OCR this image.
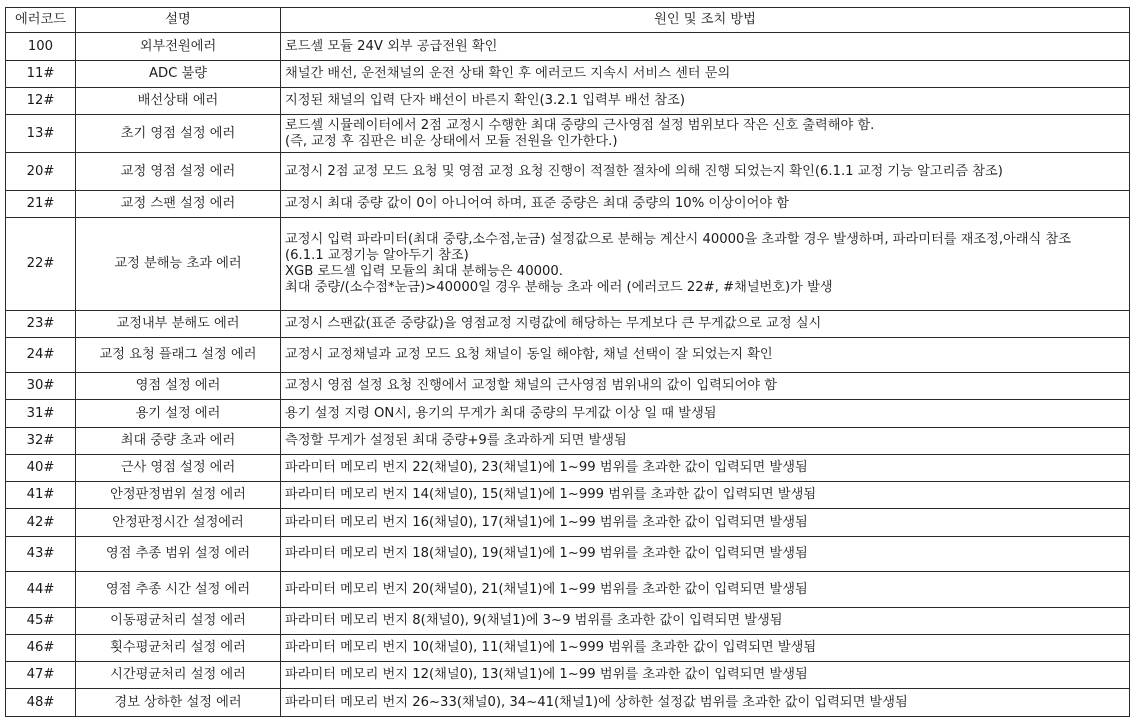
에러코드	설명	원인 및 조치 방법
100	외부전원에러	로드셀 모듈 24V 외부 공급전원 확인

11#	ADC 불량	채널간 배선, 운전채널의 운전 상태 확인 후 에러코드 지속시 서비스 센터 문의

12#	배선상태 에러	지정된 채널의 입력 단자 배선이 바른지 확인(3.2.1 입력부 배선 참조)

13#	초기 영점 설정 에러	로드셀 시뮬레이터에서 2점 교정시 수행한 최대 중량의 근사영점 설정 범위보다 작은 신호 출력해야 함.
(즉, 교정 후 짐판은 비운 상태에서 모듈 전원을 인가한다.)

20#	교정 영점 설정 에러	교정시 2점 교정 모드 요청 및 영점 교정 요청 진행이 적절한 절차에 의해 진행 되었는지 확인(6.1.1 교정 기능 알고리즘 참조)

21#	교정 스팬 설정 에러	교정시 최대 중량 값이 0이 아니어여 하며, 표준 중량은 최대 중량의 10% 이상이어야 함

22#	교정 분해능 초과 에러	교정시 입력 파라미터(최대 중량,소수점,눈금) 설정값으로 분해능 계산시 40000을 초과할 경우 발생하며, 파라미터를 재조정,아래식 참조
(6.1.1 교정기능 알아두기 참조)
XGB 로드셀 입력 모듈의 최대 분해능은 40000.
최대 중량/(소수점*눈금)>40000일 경우 분해능 초과 에러 (에러코드 22#, #채널번호)가 발생

23#	교정내부 분해도 에러	교정시 스팬값(표준 중량값)을 영점교정 지령값에 해당하는 무게보다 큰 무게값으로 교정 실시

24#	교정 요청 플래그 설정 에러	교정시 교정채널과 교정 모드 요청 채널이 동일 해야함, 채널 선택이 잘 되었는지 확인

30#	영점 설정 에러	교정시 영점 설정 요청 진행에서 교정할 채널의 근사영점 범위내의 값이 입력되어야 함

31#	용기 설정 에러	용기 설정 지령 ON시, 용기의 무게가 최대 중량의 무게값 이상 일 때 발생됨

32#	최대 중량 초과 에러	측정할 무게가 설정된 최대 중량+9를 초과하게 되면 발생됨

40#	근사 영점 설정 에러	파라미터 메모리 번지 22(채널0), 23(채널1)에 1~99 범위를 초과한 값이 입력되면 발생됨

41#	안정판정범위 설정 에러	파라미터 메모리 번지 14(채널0), 15(채널1)에 1~999 범위를 초과한 값이 입력되면 발생됨

42#	안정판정시간 설정에러	파라미터 메모리 번지 16(채널0), 17(채널1)에 1~99 범위를 초과한 값이 입력되면 발생됨

43#	영점 추종 범위 설정 에러	파라미터 메모리 번지 18(채널0), 19(채널1)에 1~99 범위를 초과한 값이 입력되면 발생됨

44#	영점 추종 시간 설정 에러	파라미터 메모리 번지 20(채널0), 21(채널1)에 1~99 범위를 초과한 값이 입력되면 발생됨

45#	이동평균처리 설정 에러	파라미터 메모리 번지 8(채널0), 9(채널1)에 3~9 범위를 초과한 값이 입력되면 발생됨

46#	횟수평균처리 설정 에러	파라미터 메모리 번지 10(채널0), 11(채널1)에 1~999 범위를 초과한 값이 입력되면 발생됨

47#	시간평균처리 설정 에러	파라미터 메모리 번지 12(채널0), 13(채널1)에 1~99 범위를 초과한 값이 입력되면 발생됨

48#	경보 상하한 설정 에러	파라미터 메모리 번지 26~33(채널0), 34~41(채널1)에 상하한 설정값 범위를 초과한 값이 입력되면 발생됨
